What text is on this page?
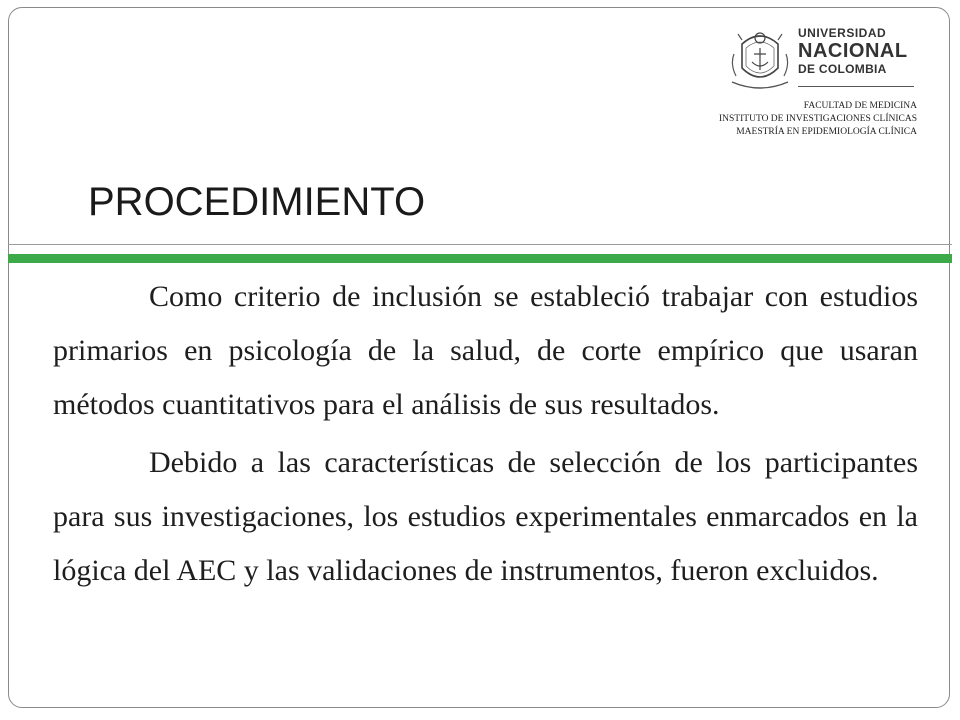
UNIVERSIDAD
NACIONAL
DE COLOMBIA
FACULTAD DE MEDICINA
INSTITUTO DE INVESTIGACIONES CLÍNICAS
MAESTRÍA EN EPIDEMIOLOGÍA CLÍNICA
PROCEDIMIENTO

Como criterio de inclusión se estableció trabajar con estudios primarios en psicología de la salud, de corte empírico que usaran métodos cuantitativos para el análisis de sus resultados.

Debido a las características de selección de los participantes para sus investigaciones, los estudios experimentales enmarcados en la lógica del AEC y las validaciones de instrumentos, fueron excluidos.
